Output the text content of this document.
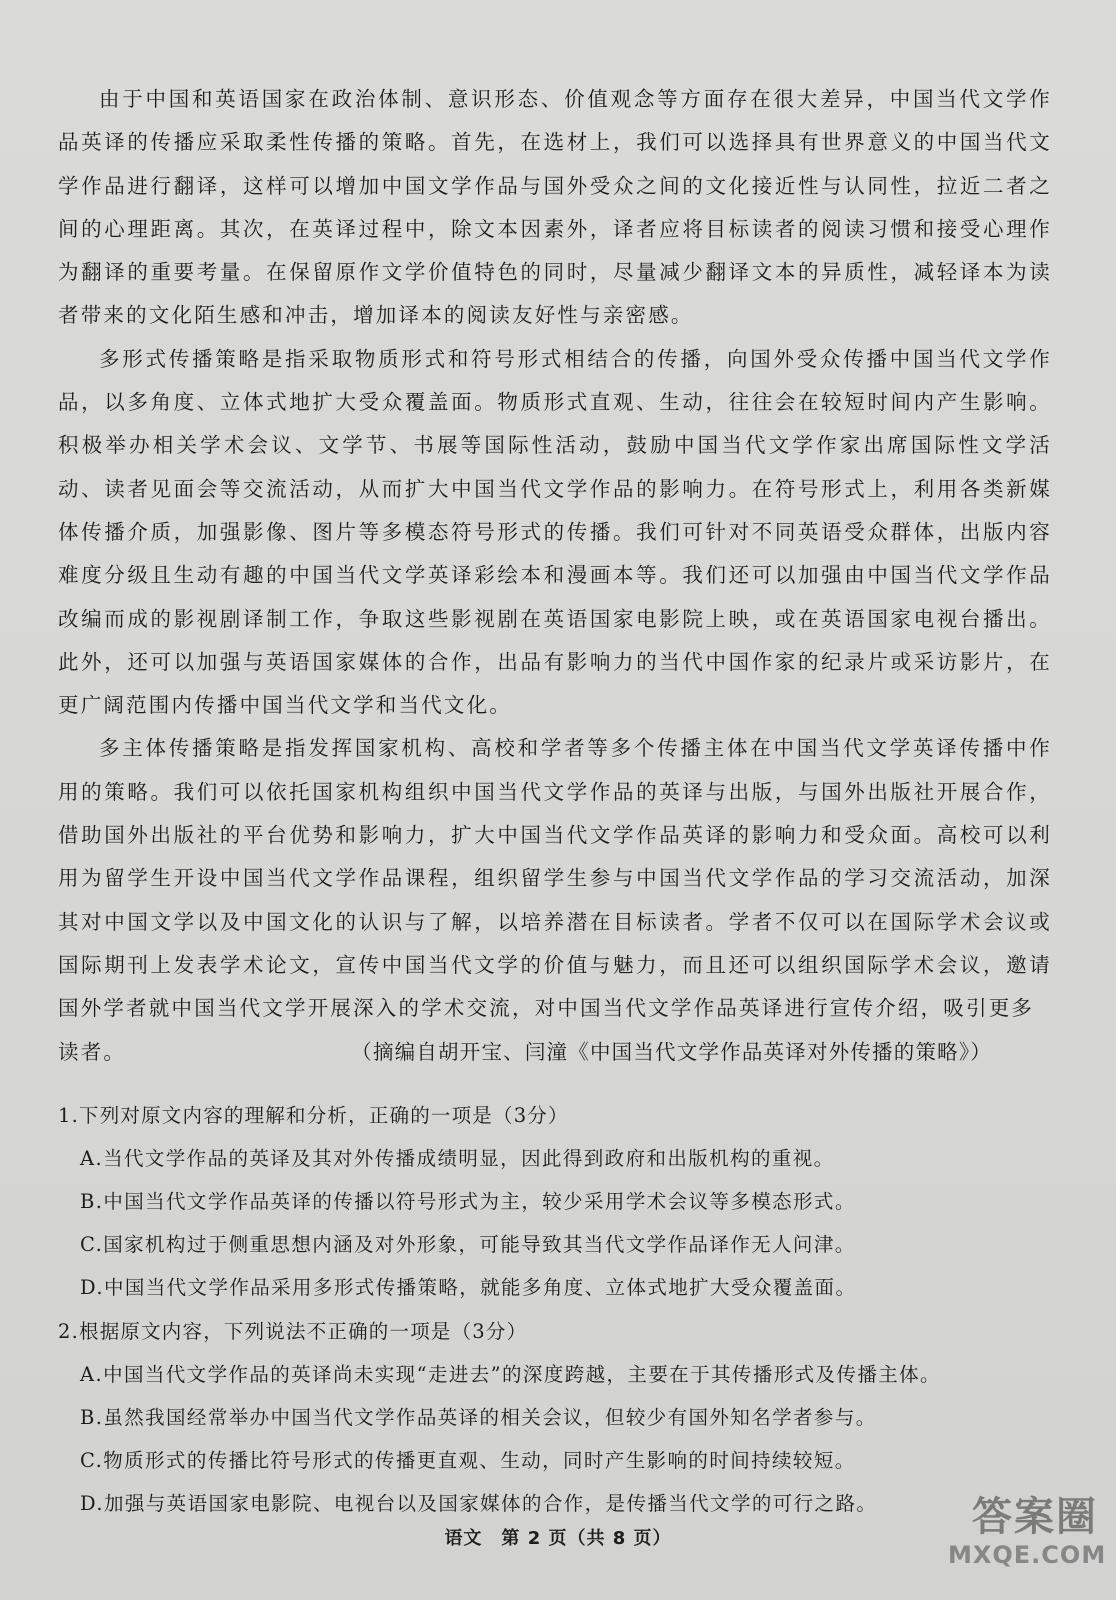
由于中国和英语国家在政治体制、意识形态、价值观念等方面存在很大差异，中国当代文学作品英译的传播应采取柔性传播的策略。首先，在选材上，我们可以选择具有世界意义的中国当代文学作品进行翻译，这样可以增加中国文学作品与国外受众之间的文化接近性与认同性，拉近二者之间的心理距离。其次，在英译过程中，除文本因素外，译者应将目标读者的阅读习惯和接受心理作为翻译的重要考量。在保留原作文学价值特色的同时，尽量减少翻译文本的异质性，减轻译本为读者带来的文化陌生感和冲击，增加译本的阅读友好性与亲密感。

多形式传播策略是指采取物质形式和符号形式相结合的传播，向国外受众传播中国当代文学作品，以多角度、立体式地扩大受众覆盖面。物质形式直观、生动，往往会在较短时间内产生影响。积极举办相关学术会议、文学节、书展等国际性活动，鼓励中国当代文学作家出席国际性文学活动、读者见面会等交流活动，从而扩大中国当代文学作品的影响力。在符号形式上，利用各类新媒体传播介质，加强影像、图片等多模态符号形式的传播。我们可针对不同英语受众群体，出版内容难度分级且生动有趣的中国当代文学英译彩绘本和漫画本等。我们还可以加强由中国当代文学作品改编而成的影视剧译制工作，争取这些影视剧在英语国家电影院上映，或在英语国家电视台播出。此外，还可以加强与英语国家媒体的合作，出品有影响力的当代中国作家的纪录片或采访影片，在更广阔范围内传播中国当代文学和当代文化。

多主体传播策略是指发挥国家机构、高校和学者等多个传播主体在中国当代文学英译传播中作用的策略。我们可以依托国家机构组织中国当代文学作品的英译与出版，与国外出版社开展合作，借助国外出版社的平台优势和影响力，扩大中国当代文学作品英译的影响力和受众面。高校可以利用为留学生开设中国当代文学作品课程，组织留学生参与中国当代文学作品的学习交流活动，加深其对中国文学以及中国文化的认识与了解，以培养潜在目标读者。学者不仅可以在国际学术会议或国际期刊上发表学术论文，宣传中国当代文学的价值与魅力，而且还可以组织国际学术会议，邀请国外学者就中国当代文学开展深入的学术交流，对中国当代文学作品英译进行宣传介绍，吸引更多

读者。	（摘编自胡开宝、闫潼《中国当代文学作品英译对外传播的策略》）

1.下列对原文内容的理解和分析，正确的一项是（3分）

A.当代文学作品的英译及其对外传播成绩明显，因此得到政府和出版机构的重视。

B.中国当代文学作品英译的传播以符号形式为主，较少采用学术会议等多模态形式。

C.国家机构过于侧重思想内涵及对外形象，可能导致其当代文学作品译作无人问津。

D.中国当代文学作品采用多形式传播策略，就能多角度、立体式地扩大受众覆盖面。

2.根据原文内容，下列说法不正确的一项是（3分）

A.中国当代文学作品的英译尚未实现“走进去”的深度跨越，主要在于其传播形式及传播主体。

B.虽然我国经常举办中国当代文学作品英译的相关会议，但较少有国外知名学者参与。

C.物质形式的传播比符号形式的传播更直观、生动，同时产生影响的时间持续较短。

D.加强与英语国家电影院、电视台以及国家媒体的合作，是传播当代文学的可行之路。

语文　第 2 页（共 8 页）	答案圈
MXQE.COM
